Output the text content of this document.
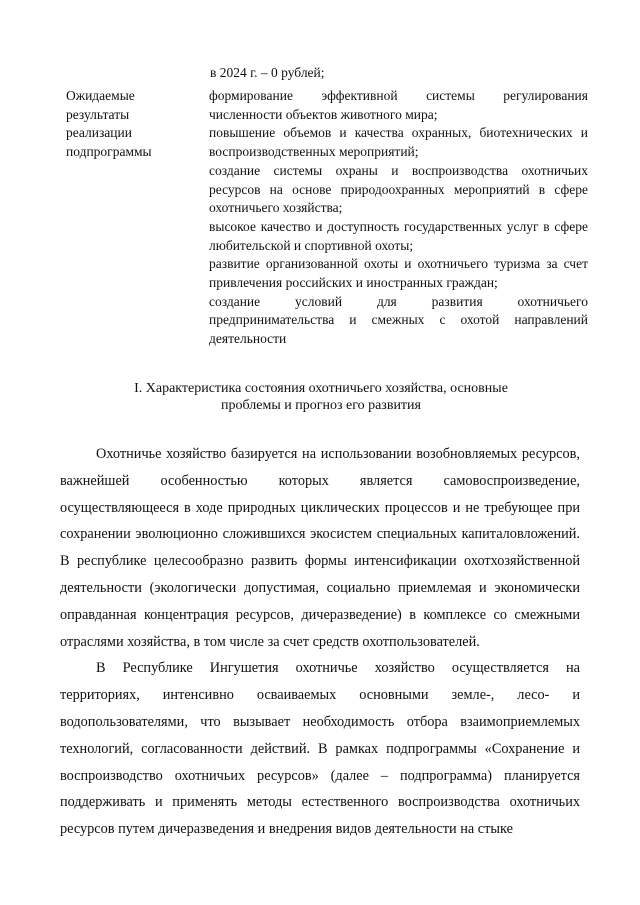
в 2024 г. – 0 рублей;
Ожидаемые результаты реализации подпрограммы

формирование эффективной системы регулирования численности объектов животного мира;

повышение объемов и качества охранных, биотехнических и воспроизводственных мероприятий;

создание системы охраны и воспроизводства охотничьих ресурсов на основе природоохранных мероприятий в сфере охотничьего хозяйства;

высокое качество и доступность государственных услуг в сфере любительской и спортивной охоты;

развитие организованной охоты и охотничьего туризма за счет привлечения российских и иностранных граждан;

создание условий для развития охотничьего предпринимательства и смежных с охотой направлений деятельности

I. Характеристика состояния охотничьего хозяйства, основные
проблемы и прогноз его развития

Охотничье хозяйство базируется на использовании возобновляемых ресурсов, важнейшей особенностью которых является самовоспроизведение, осуществляющееся в ходе природных циклических процессов и не требующее при сохранении эволюционно сложившихся экосистем специальных капиталовложений. В республике целесообразно развить формы интенсификации охотхозяйственной деятельности (экологически допустимая, социально приемлемая и экономически оправданная концентрация ресурсов, дичеразведение) в комплексе со смежными отраслями хозяйства, в том числе за счет средств охотпользователей.

В Республике Ингушетия охотничье хозяйство осуществляется на территориях, интенсивно осваиваемых основными земле-, лесо- и водопользователями, что вызывает необходимость отбора взаимоприемлемых технологий, согласованности действий. В рамках подпрограммы «Сохранение и воспроизводство охотничьих ресурсов» (далее – подпрограмма) планируется поддерживать и применять методы естественного воспроизводства охотничьих ресурсов путем дичеразведения и внедрения видов деятельности на стыке
